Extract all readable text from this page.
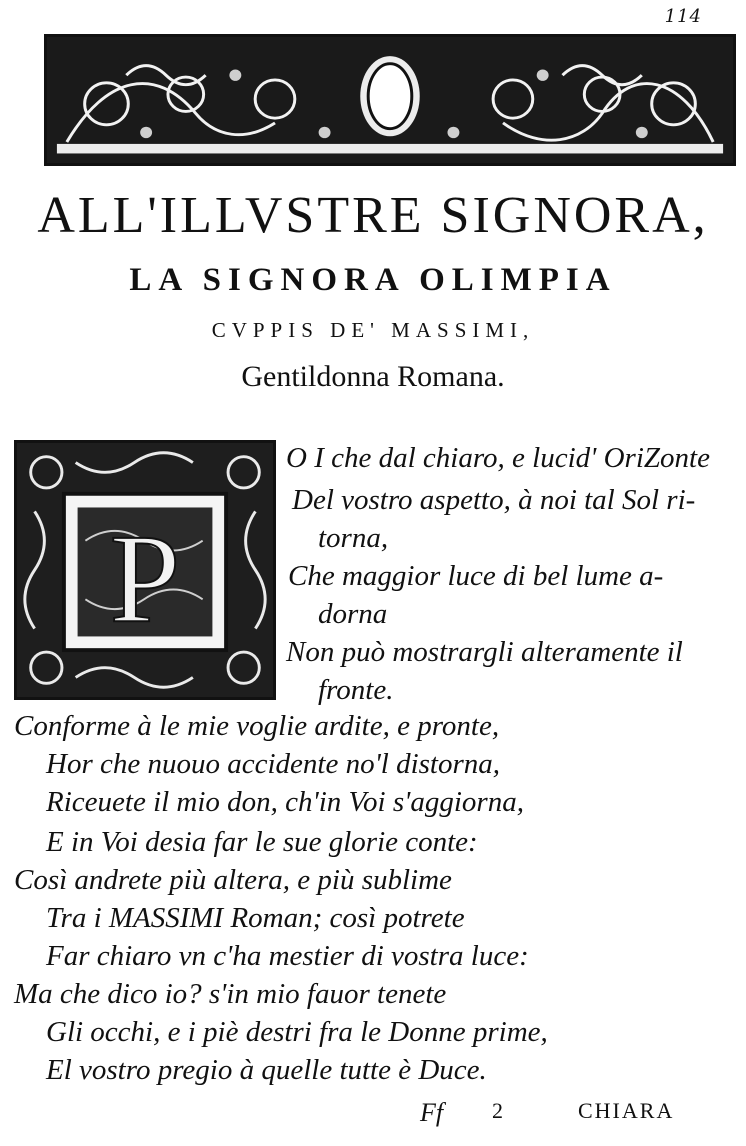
114
ALL'ILLVSTRE SIGNORA,
LA SIGNORA OLIMPIA
CVPPIS DE' MASSIMI,
Gentildonna Romana.
P
O I che dal chiaro, e lucid' OriZonte
Del vostro aspetto, à noi tal Sol ri-
torna,
Che maggior luce di bel lume a-
dorna
Non può mostrargli alteramente il
fronte.
Conforme à le mie voglie ardite, e pronte,
Hor che nuouo accidente no'l distorna,
Riceuete il mio don, ch'in Voi s'aggiorna,
E in Voi desia far le sue glorie conte:
Così andrete più altera, e più sublime
Tra i MASSIMI Roman; così potrete
Far chiaro vn c'ha mestier di vostra luce:
Ma che dico io? s'in mio fauor tenete
Gli occhi, e i piè destri fra le Donne prime,
El vostro pregio à quelle tutte è Duce.
Ff 2	CHIARA
